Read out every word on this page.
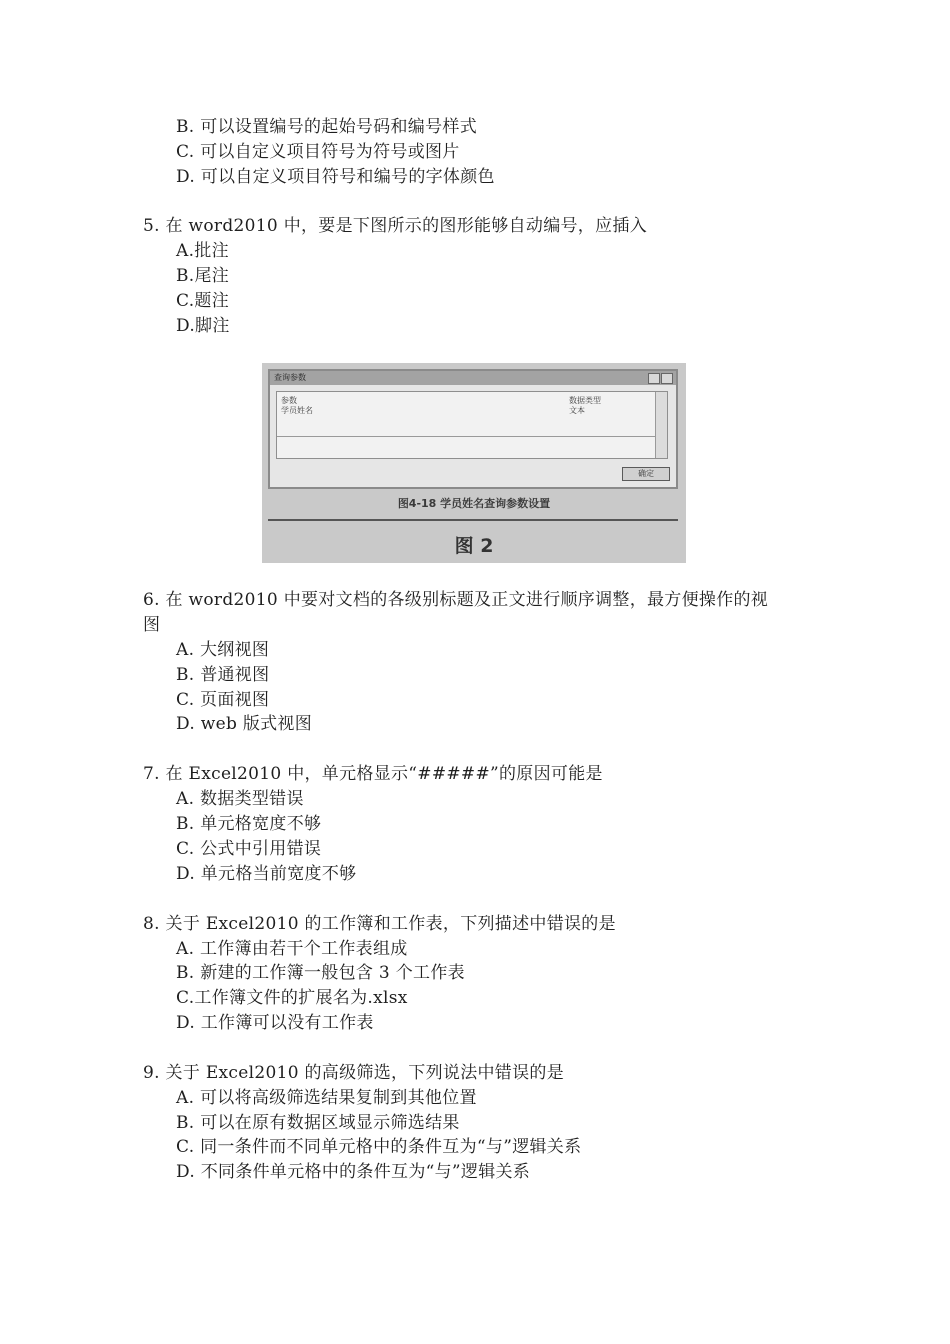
B. 可以设置编号的起始号码和编号样式
C. 可以自定义项目符号为符号或图片
D. 可以自定义项目符号和编号的字体颜色
5. 在 word2010 中，要是下图所示的图形能够自动编号，应插入
A.批注
B.尾注
C.题注
D.脚注
查询参数
参数
学员姓名
数据类型
文本
确定
图4-18 学员姓名查询参数设置
图 2
6. 在 word2010 中要对文档的各级别标题及正文进行顺序调整，最方便操作的视
图
A. 大纲视图
B. 普通视图
C. 页面视图
D. web 版式视图
7. 在 Excel2010 中，单元格显示“#####”的原因可能是
A. 数据类型错误
B. 单元格宽度不够
C. 公式中引用错误
D. 单元格当前宽度不够
8. 关于 Excel2010 的工作簿和工作表，下列描述中错误的是
A. 工作簿由若干个工作表组成
B. 新建的工作簿一般包含 3 个工作表
C.工作簿文件的扩展名为.xlsx
D. 工作簿可以没有工作表
9. 关于 Excel2010 的高级筛选，下列说法中错误的是
A. 可以将高级筛选结果复制到其他位置
B. 可以在原有数据区域显示筛选结果
C. 同一条件而不同单元格中的条件互为“与”逻辑关系
D. 不同条件单元格中的条件互为“与”逻辑关系
